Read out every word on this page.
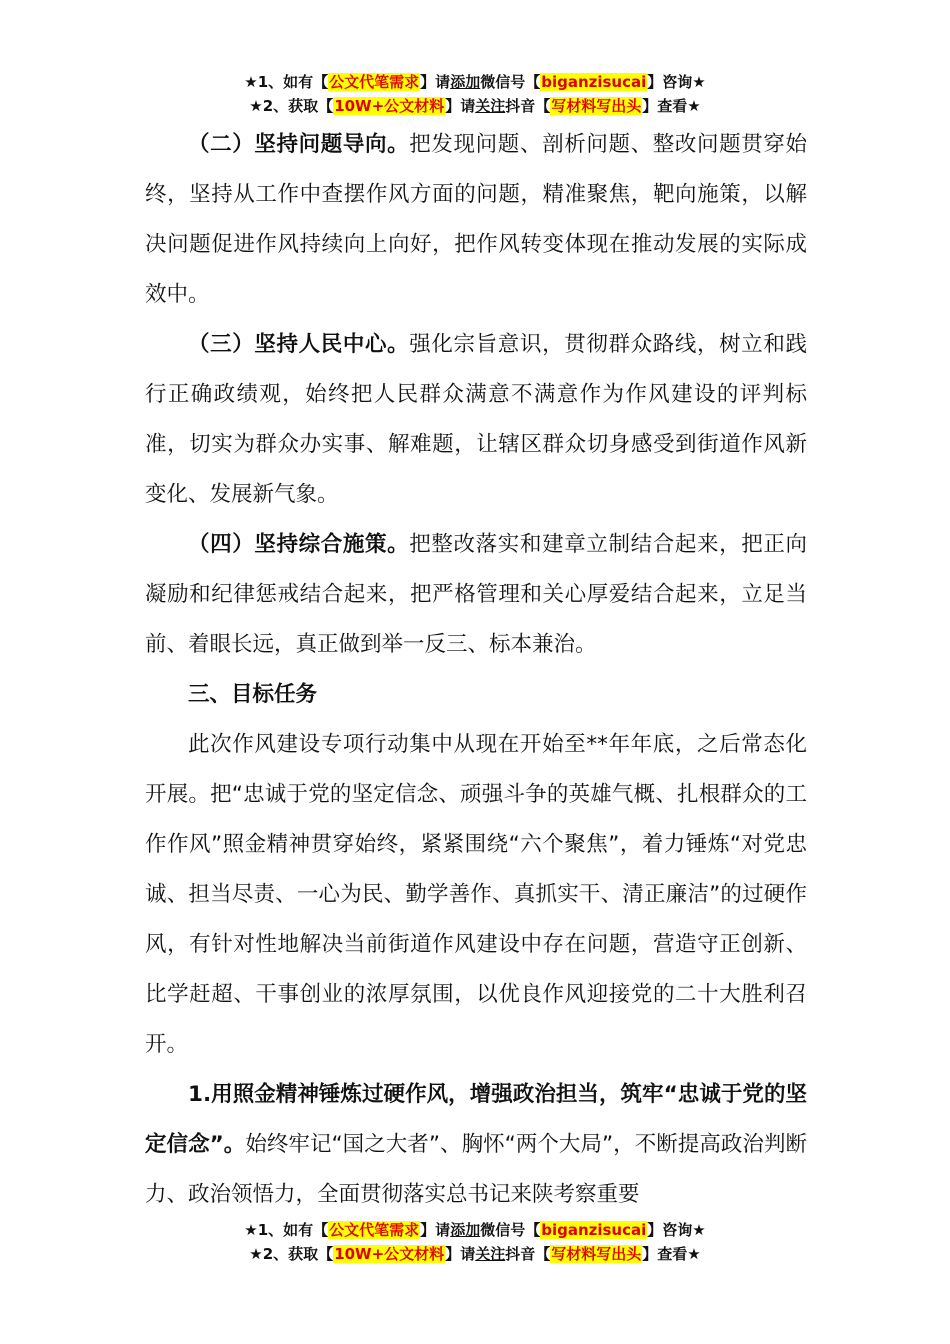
★1、如有【公文代笔需求】请添加微信号【biganzisucai】咨询★
★2、获取【10W+公文材料】请关注抖音【写材料写出头】查看★

（二）坚持问题导向。把发现问题、剖析问题、整改问题贯穿始终，坚持从工作中查摆作风方面的问题，精准聚焦，靶向施策，以解决问题促进作风持续向上向好，把作风转变体现在推动发展的实际成效中。

（三）坚持人民中心。强化宗旨意识，贯彻群众路线，树立和践行正确政绩观，始终把人民群众满意不满意作为作风建设的评判标准，切实为群众办实事、解难题，让辖区群众切身感受到街道作风新变化、发展新气象。

（四）坚持综合施策。把整改落实和建章立制结合起来，把正向凝励和纪律惩戒结合起来，把严格管理和关心厚爱结合起来，立足当前、着眼长远，真正做到举一反三、标本兼治。

三、目标任务

此次作风建设专项行动集中从现在开始至**年年底，之后常态化开展。把“忠诚于党的坚定信念、顽强斗争的英雄气概、扎根群众的工作作风”照金精神贯穿始终，紧紧围绕“六个聚焦”，着力锤炼“对党忠诚、担当尽责、一心为民、勤学善作、真抓实干、清正廉洁”的过硬作风，有针对性地解决当前街道作风建设中存在问题，营造守正创新、比学赶超、干事创业的浓厚氛围，以优良作风迎接党的二十大胜利召开。

1.用照金精神锤炼过硬作风，增强政治担当，筑牢“忠诚于党的坚定信念”。始终牢记“国之大者”、胸怀“两个大局”，不断提高政治判断力、政治领悟力，全面贯彻落实总书记来陕考察重要

★1、如有【公文代笔需求】请添加微信号【biganzisucai】咨询★
★2、获取【10W+公文材料】请关注抖音【写材料写出头】查看★
